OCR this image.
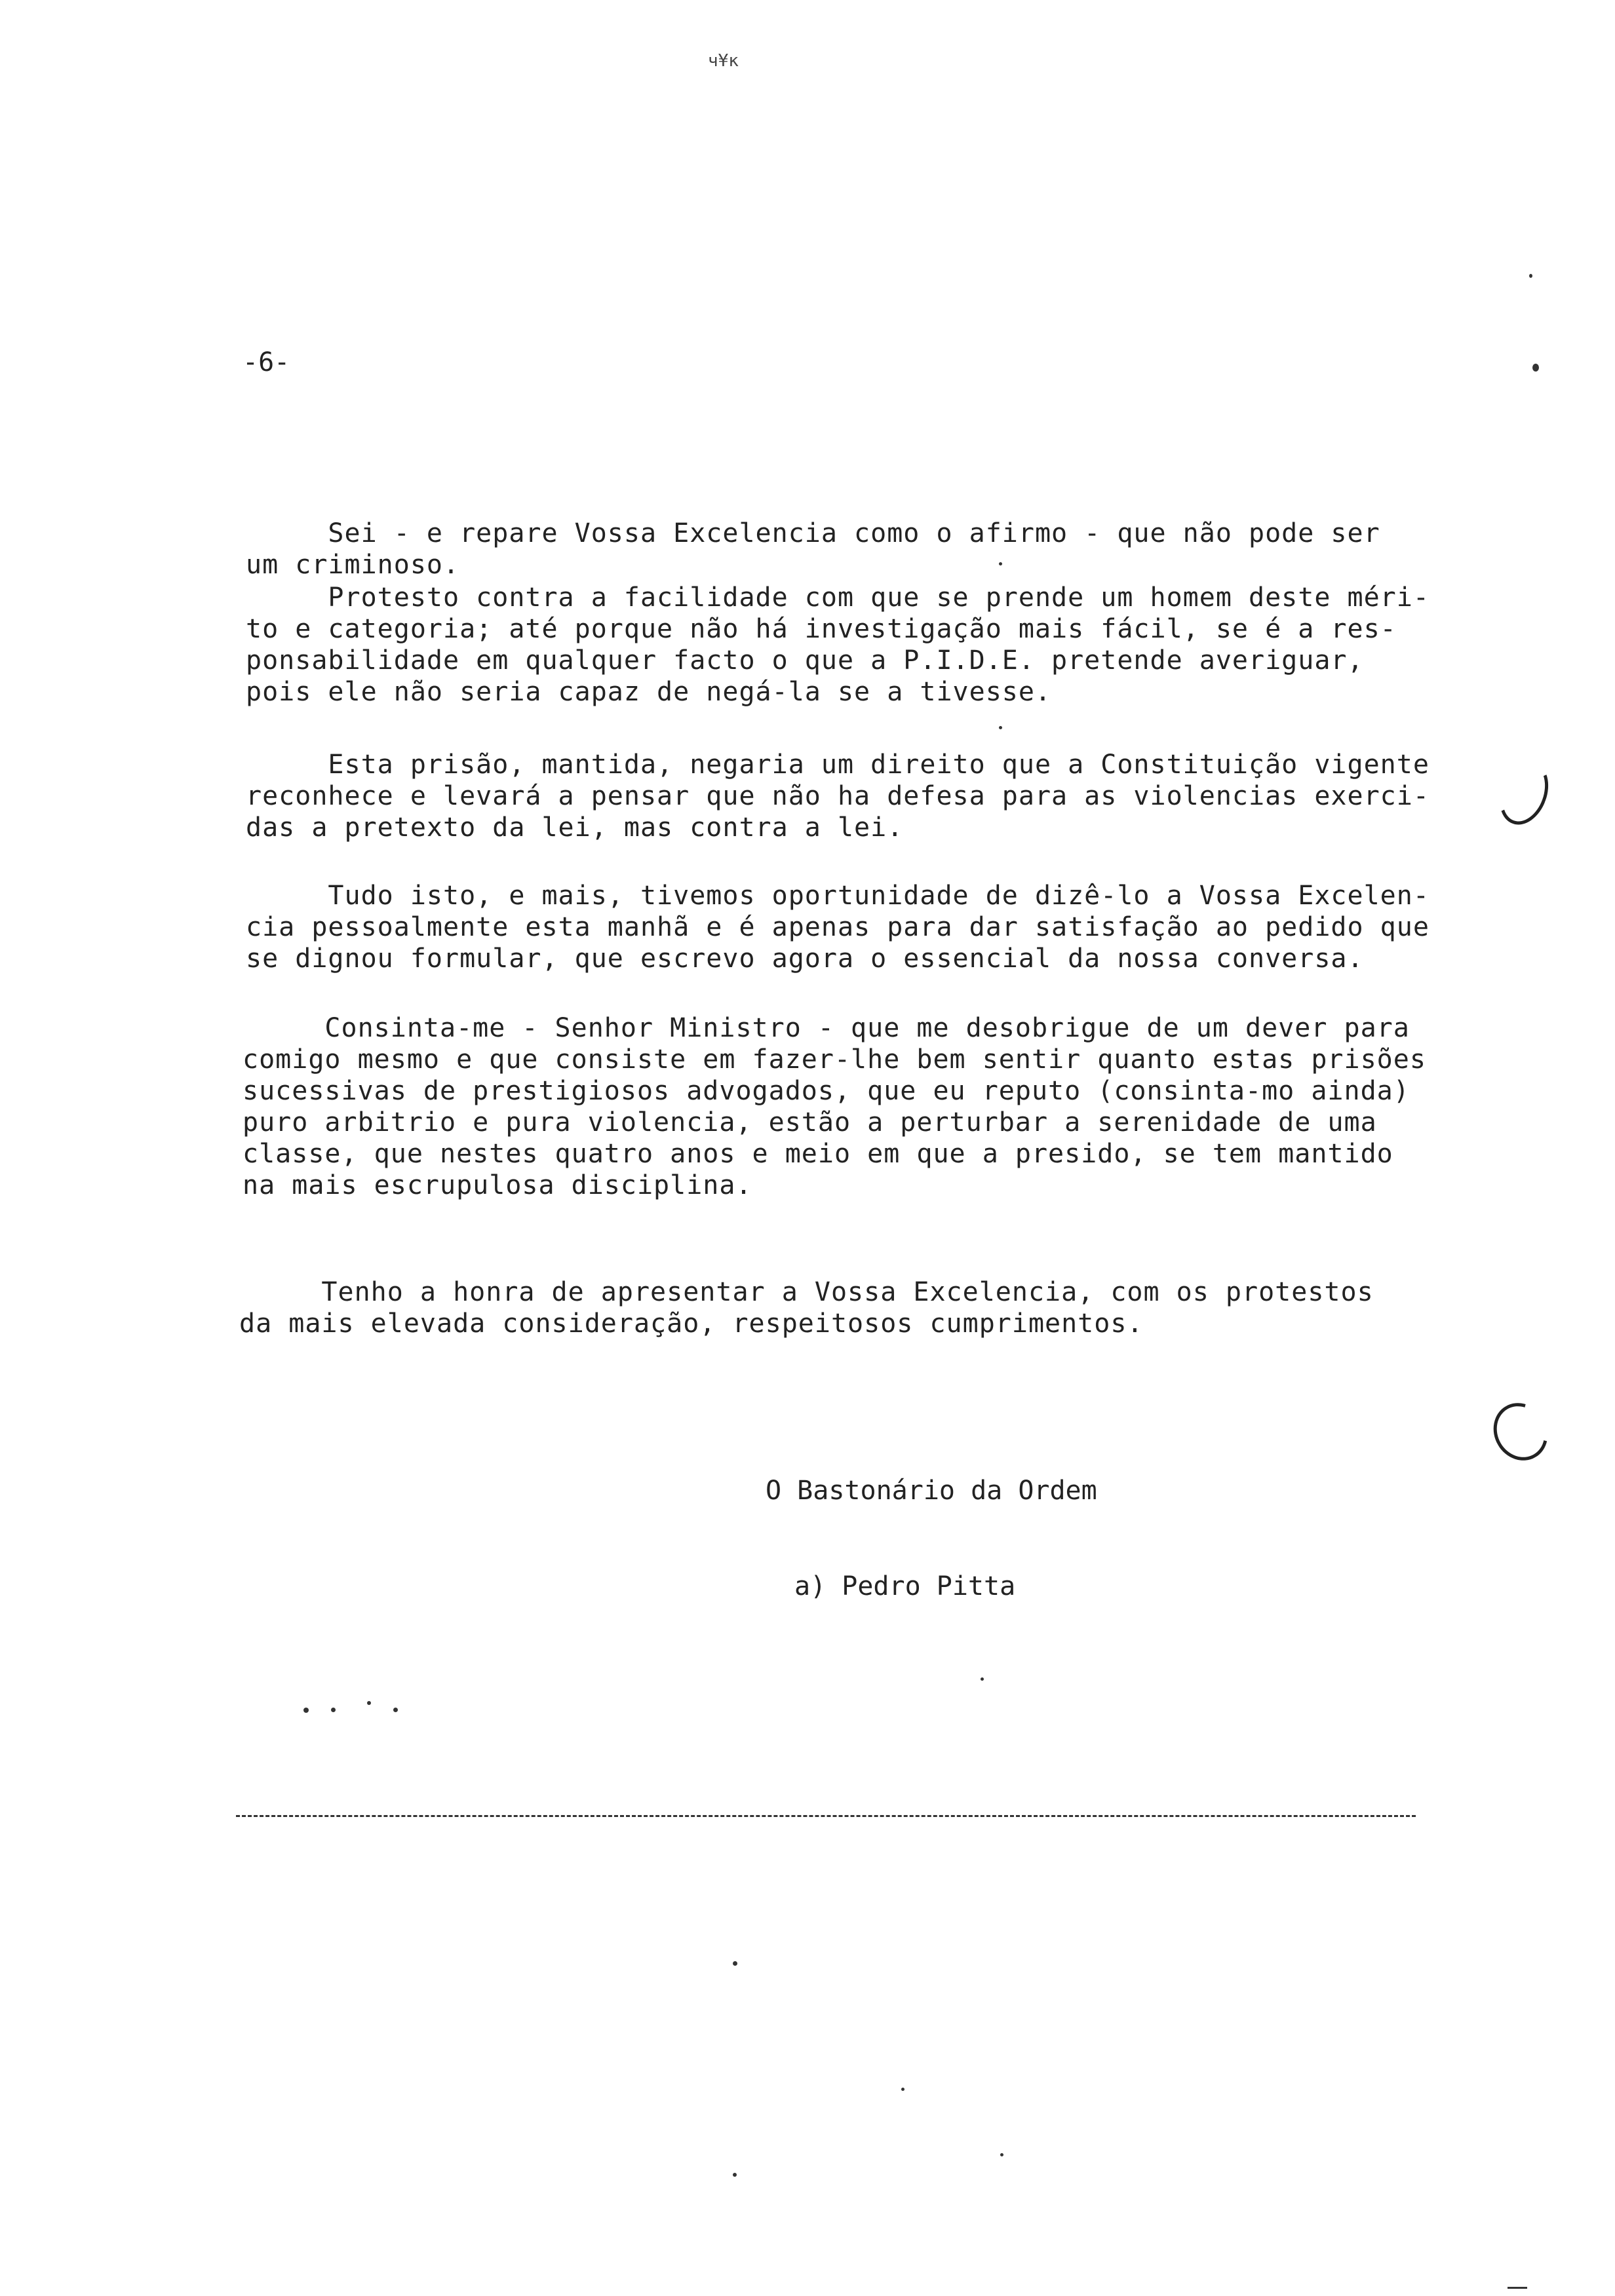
ч¥к
-6-
Sei - e repare Vossa Excelencia como o afirmo - que não pode ser
um criminoso.
Protesto contra a facilidade com que se prende um homem deste méri-
to e categoria; até porque não há investigação mais fácil, se é a res-
ponsabilidade em qualquer facto o que a P.I.D.E. pretende averiguar,
pois ele não seria capaz de negá-la se a tivesse.
Esta prisão, mantida, negaria um direito que a Constituição vigente
reconhece e levará a pensar que não ha defesa para as violencias exerci-
das a pretexto da lei, mas contra a lei.
Tudo isto, e mais, tivemos oportunidade de dizê-lo a Vossa Excelen-
cia pessoalmente esta manhã e é apenas para dar satisfação ao pedido que
se dignou formular, que escrevo agora o essencial da nossa conversa.
Consinta-me - Senhor Ministro - que me desobrigue de um dever para
comigo mesmo e que consiste em fazer-lhe bem sentir quanto estas prisões
sucessivas de prestigiosos advogados, que eu reputo (consinta-mo ainda)
puro arbitrio e pura violencia, estão a perturbar a serenidade de uma
classe, que nestes quatro anos e meio em que a presido, se tem mantido
na mais escrupulosa disciplina.
Tenho a honra de apresentar a Vossa Excelencia, com os protestos
da mais elevada consideração, respeitosos cumprimentos.
O Bastonário da Ordem
a) Pedro Pitta
